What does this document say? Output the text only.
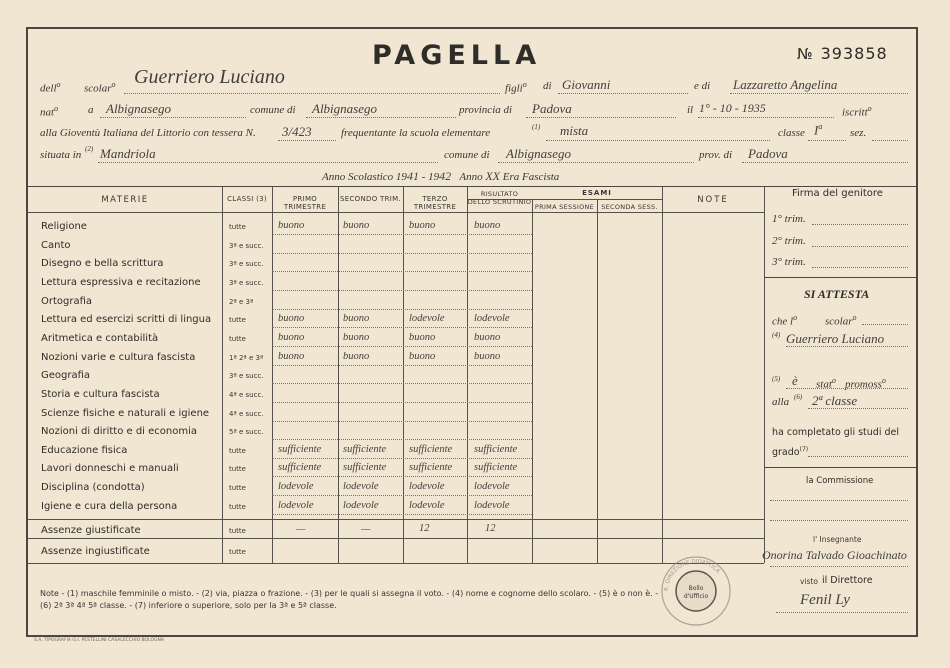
PAGELLA	№ 393858
dell$^o$ scolar$^o$ Guerriero Luciano
figli$^o$ di Giovanni	e di Lazzaretto Angelina
nat$^o$	a Albignasego	comune di Albignasego	provincia di Padova	il 1° - 10 - 1935	iscritt$^o$
alla Gioventù Italiana del Littorio con tessera N. 3/423	frequentante la scuola elementare	(1) mista	classe $I^a$
sez.
situata in (2) Mandriola	comune di Albignasego	prov. di Padova
Anno Scolastico 1941 - 1942 Anno XX Era Fascista
MATERIE	CLASSI (3)	PRIMO TRIMESTRE
SECONDO TRIM.	TERZO TRIMESTRE
RISULTATO
DELLO SCRUTINIO
ESAMI
PRIMA SESSIONE	SECONDA SESS.
NOTE
Religione	tutte	buono	buono	buono	buono
Canto	3ª e succ.
Disegno e bella scrittura	3ª e succ.
Lettura espressiva e recitazione	3ª e succ.
Ortografia	2ª e 3ª
Lettura ed esercizi scritti di lingua	tutte	buono	buono	lodevole	lodevole
Aritmetica e contabilità	tutte	buono	buono	buono	buono
Nozioni varie e cultura fascista	1ª 2ª e 3ª buono	buono	buono	buono
Geografia	3ª e succ.
Storia e cultura fascista	4ª e succ.
Scienze fisiche e naturali e igiene	4ª e succ.
Nozioni di diritto e di economia	5ª e succ.
Educazione fisica	tutte	sufficiente sufficiente sufficiente sufficiente
Lavori donneschi e manuali	tutte	sufficiente sufficiente sufficiente sufficiente
Disciplina (condotta)	tutte	lodevole	lodevole	lodevole	lodevole
Igiene e cura della persona	tutte	lodevole	lodevole	lodevole	lodevole
Assenze giustificate	tutte	—	—	12	12
Assenze ingiustificate	tutte
Firma del genitore
1° trim.
2° trim.
3° trim.
SI ATTESTA
che $l^o$	scolar$^o$
(4) Guerriero Luciano
(5) è stat$^o$ promoss$^o$
alla (6) 2ª classe
ha completato gli studi del
grado$^{(7)}$
la Commissione
l' Insegnante
Onorina Talvado Gioachinato
visto il Direttore
Fenil Ly
R. DIREZIONE DIDATTICA
Bollo
d'Ufficio
Note - (1) maschile femminile o misto. - (2) via, piazza o frazione. - (3) per le quali si assegna il voto. - (4) nome e cognome dello scolaro. - (5) è o non è. -
(6) 2ª 3ª 4ª 5ª classe. - (7) inferiore o superiore, solo per la 3ª e 5ª classe.
S.A. TIPOGRAFIA G.I. PESTELLINI CASALECCHIO BOLOGNA
